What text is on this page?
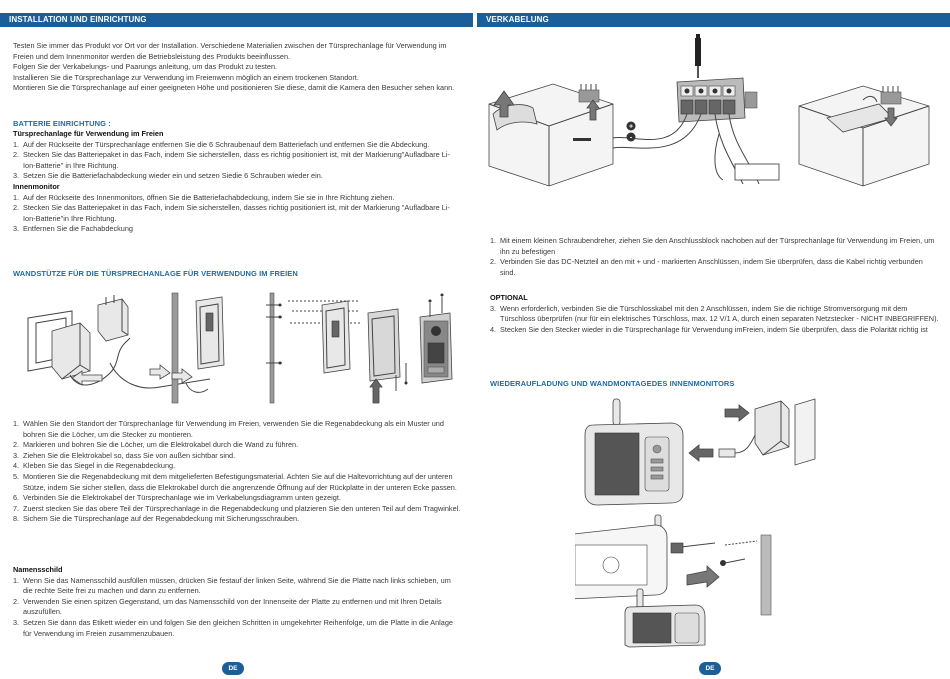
INSTALLATION UND EINRICHTUNG

Testen Sie immer das Produkt vor Ort vor der Installation. Verschiedene Materialien zwischen der Türsprechanlage für Verwendung im Freien und dem Innenmonitor werden die Betriebsleistung des Produkts beeinflussen.

Folgen Sie der Verkabelungs- und Paarungs anleitung, um das Produkt zu testen.

Installieren Sie die Türsprechanlage zur Verwendung im Freienwenn möglich an einem trockenen Standort.

Montieren Sie die Türsprechanlage auf einer geeigneten Höhe und positionieren Sie diese, damit die Kamera den Besucher sehen kann.

BATTERIE EINRICHTUNG :
Türsprechanlage für Verwendung im Freien
1. Auf der Rückseite der Türsprechanlage entfernen Sie die 6 Schraubenauf dem Batteriefach und entfernen Sie die Abdeckung.
2. Stecken Sie das Batteriepaket in das Fach, indem Sie sicherstellen, dass es richtig positioniert ist, mit der Markierung"Aufladbare Li-Ion-Batterie" in Ihre Richtung.
3. Setzen Sie die Batteriefachabdeckung wieder ein und setzen Siedie 6 Schrauben wieder ein.
Innenmonitor
1. Auf der Rückseite des Innenmonitors, öffnen Sie die Batteriefachabdeckung, indem Sie sie in Ihre Richtung ziehen.
2. Stecken Sie das Batteriepaket in das Fach, indem Sie sicherstellen, dasses richtig positioniert ist, mit der Markierung "Aufladbare Li-Ion-Batterie"in Ihre Richtung.
3. Entfernen Sie die Fachabdeckung
WANDSTÜTZE FÜR DIE TÜRSPRECHANLAGE FÜR VERWENDUNG IM FREIEN
1. Wählen Sie den Standort der Türsprechanlage für Verwendung im Freien, verwenden Sie die Regenabdeckung als ein Muster und bohren Sie die Löcher, um die Stecker zu montieren.
2. Markieren und bohren Sie die Löcher, um die Elektrokabel durch die Wand zu führen.
3. Ziehen Sie die Elektrokabel so, dass Sie von außen sichtbar sind.
4. Kleben Sie das Siegel in die Regenabdeckung.
5. Montieren Sie die Regenabdeckung mit dem mitgelieferten Befestigungsmaterial. Achten Sie auf die Haltevorrichtung auf der unteren Stütze, indem Sie sicher stellen, dass die Elektrokabel durch die angrenzende Öffnung auf der Rückplatte in der unteren Ecke passen.
6. Verbinden Sie die Elektrokabel der Türsprechanlage wie im Verkabelungsdiagramm unten gezeigt.
7. Zuerst stecken Sie das obere Teil der Türsprechanlage in die Regenabdeckung und platzieren Sie den unteren Teil auf dem Tragwinkel.
8. Sichern Sie die Türsprechanlage auf der Regenabdeckung mit Sicherungsschrauben.
Namensschild
1. Wenn Sie das Namensschild ausfüllen müssen, drücken Sie festauf der linken Seite, während Sie die Platte nach links schieben, um die rechte Seite frei zu machen und dann zu entfernen.
2. Verwenden Sie einen spitzen Gegenstand, um das Namensschild von der Innenseite der Platte zu entfernen und mit Ihren Details auszufüllen.
3. Setzen Sie dann das Etikett wieder ein und folgen Sie den gleichen Schritten in umgekehrter Reihenfolge, um die Platte in die Anlage für Verwendung im Freien zusammenzubauen.
DE
VERKABELUNG
+
-
1. Mit einem kleinen Schraubendreher, ziehen Sie den Anschlussblock nachoben auf der Türsprechanlage für Verwendung im Freien, um ihn zu befestigen
2. Verbinden Sie das DC-Netzteil an den mit + und - markierten Anschlüssen, indem Sie überprüfen, dass die Kabel richtig verbunden sind.
OPTIONAL
3. Wenn erforderlich, verbinden Sie die Türschlosskabel mit den 2 Anschlüssen, indem Sie die richtige Stromversorgung mit dem Türschloss überprüfen (nur für ein elektrisches Türschloss, max. 12 V/1 A, durch einen separaten Netzstecker - NICHT INBEGRIFFEN).
4. Stecken Sie den Stecker wieder in die Türsprechanlage für Verwendung imFreien, indem Sie überprüfen, dass die Polarität richtig ist
WIEDERAUFLADUNG UND WANDMONTAGEDES INNENMONITORS
DE
